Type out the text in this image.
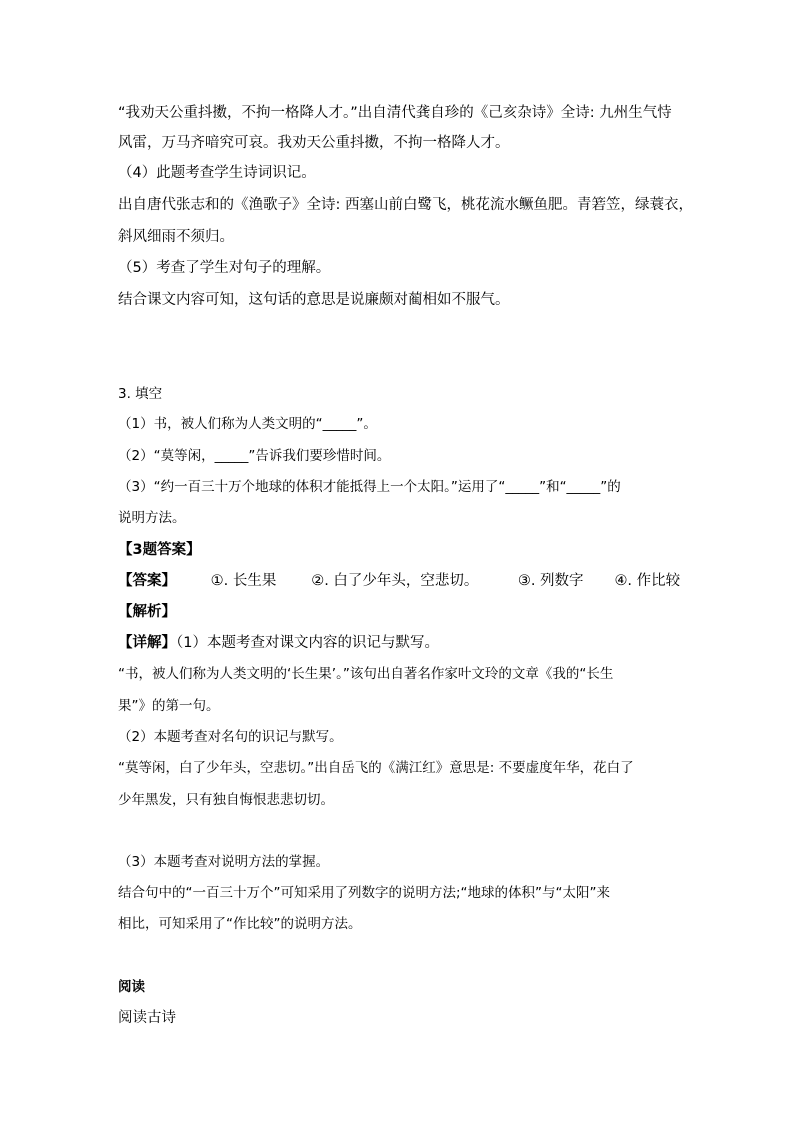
“我劝天公重抖擞，不拘一格降人才。”出自清代龚自珍的《己亥杂诗》全诗: 九州生气恃
风雷，万马齐喑究可哀。我劝天公重抖擞，不拘一格降人才。
（4）此题考查学生诗词识记。
出自唐代张志和的《渔歌子》全诗: 西塞山前白鹭飞，桃花流水鳜鱼肥。青箬笠，绿蓑衣，
斜风细雨不须归。
（5）考查了学生对句子的理解。
结合课文内容可知，这句话的意思是说廉颇对蔺相如不服气。
3. 填空
（1）书，被人们称为人类文明的“_____”。
（2）“莫等闲，_____”告诉我们要珍惜时间。
（3）“约一百三十万个地球的体积才能抵得上一个太阳。”运用了“_____”和“_____”的
说明方法。
【3题答案】
【答案】 ①. 长生果 ②. 白了少年头，空悲切。	③. 列数字 ④. 作比较
【解析】
【详解】（1）本题考查对课文内容的识记与默写。
“书，被人们称为人类文明的‘长生果’。”该句出自著名作家叶文玲的文章《我的“长生
果”》的第一句。
（2）本题考查对名句的识记与默写。
“莫等闲，白了少年头，空悲切。”出自岳飞的《满江红》意思是: 不要虚度年华，花白了
少年黑发，只有独自悔恨悲悲切切。
（3）本题考查对说明方法的掌握。
结合句中的“一百三十万个”可知采用了列数字的说明方法;“地球的体积”与“太阳”来
相比，可知采用了“作比较”的说明方法。
阅读
阅读古诗
